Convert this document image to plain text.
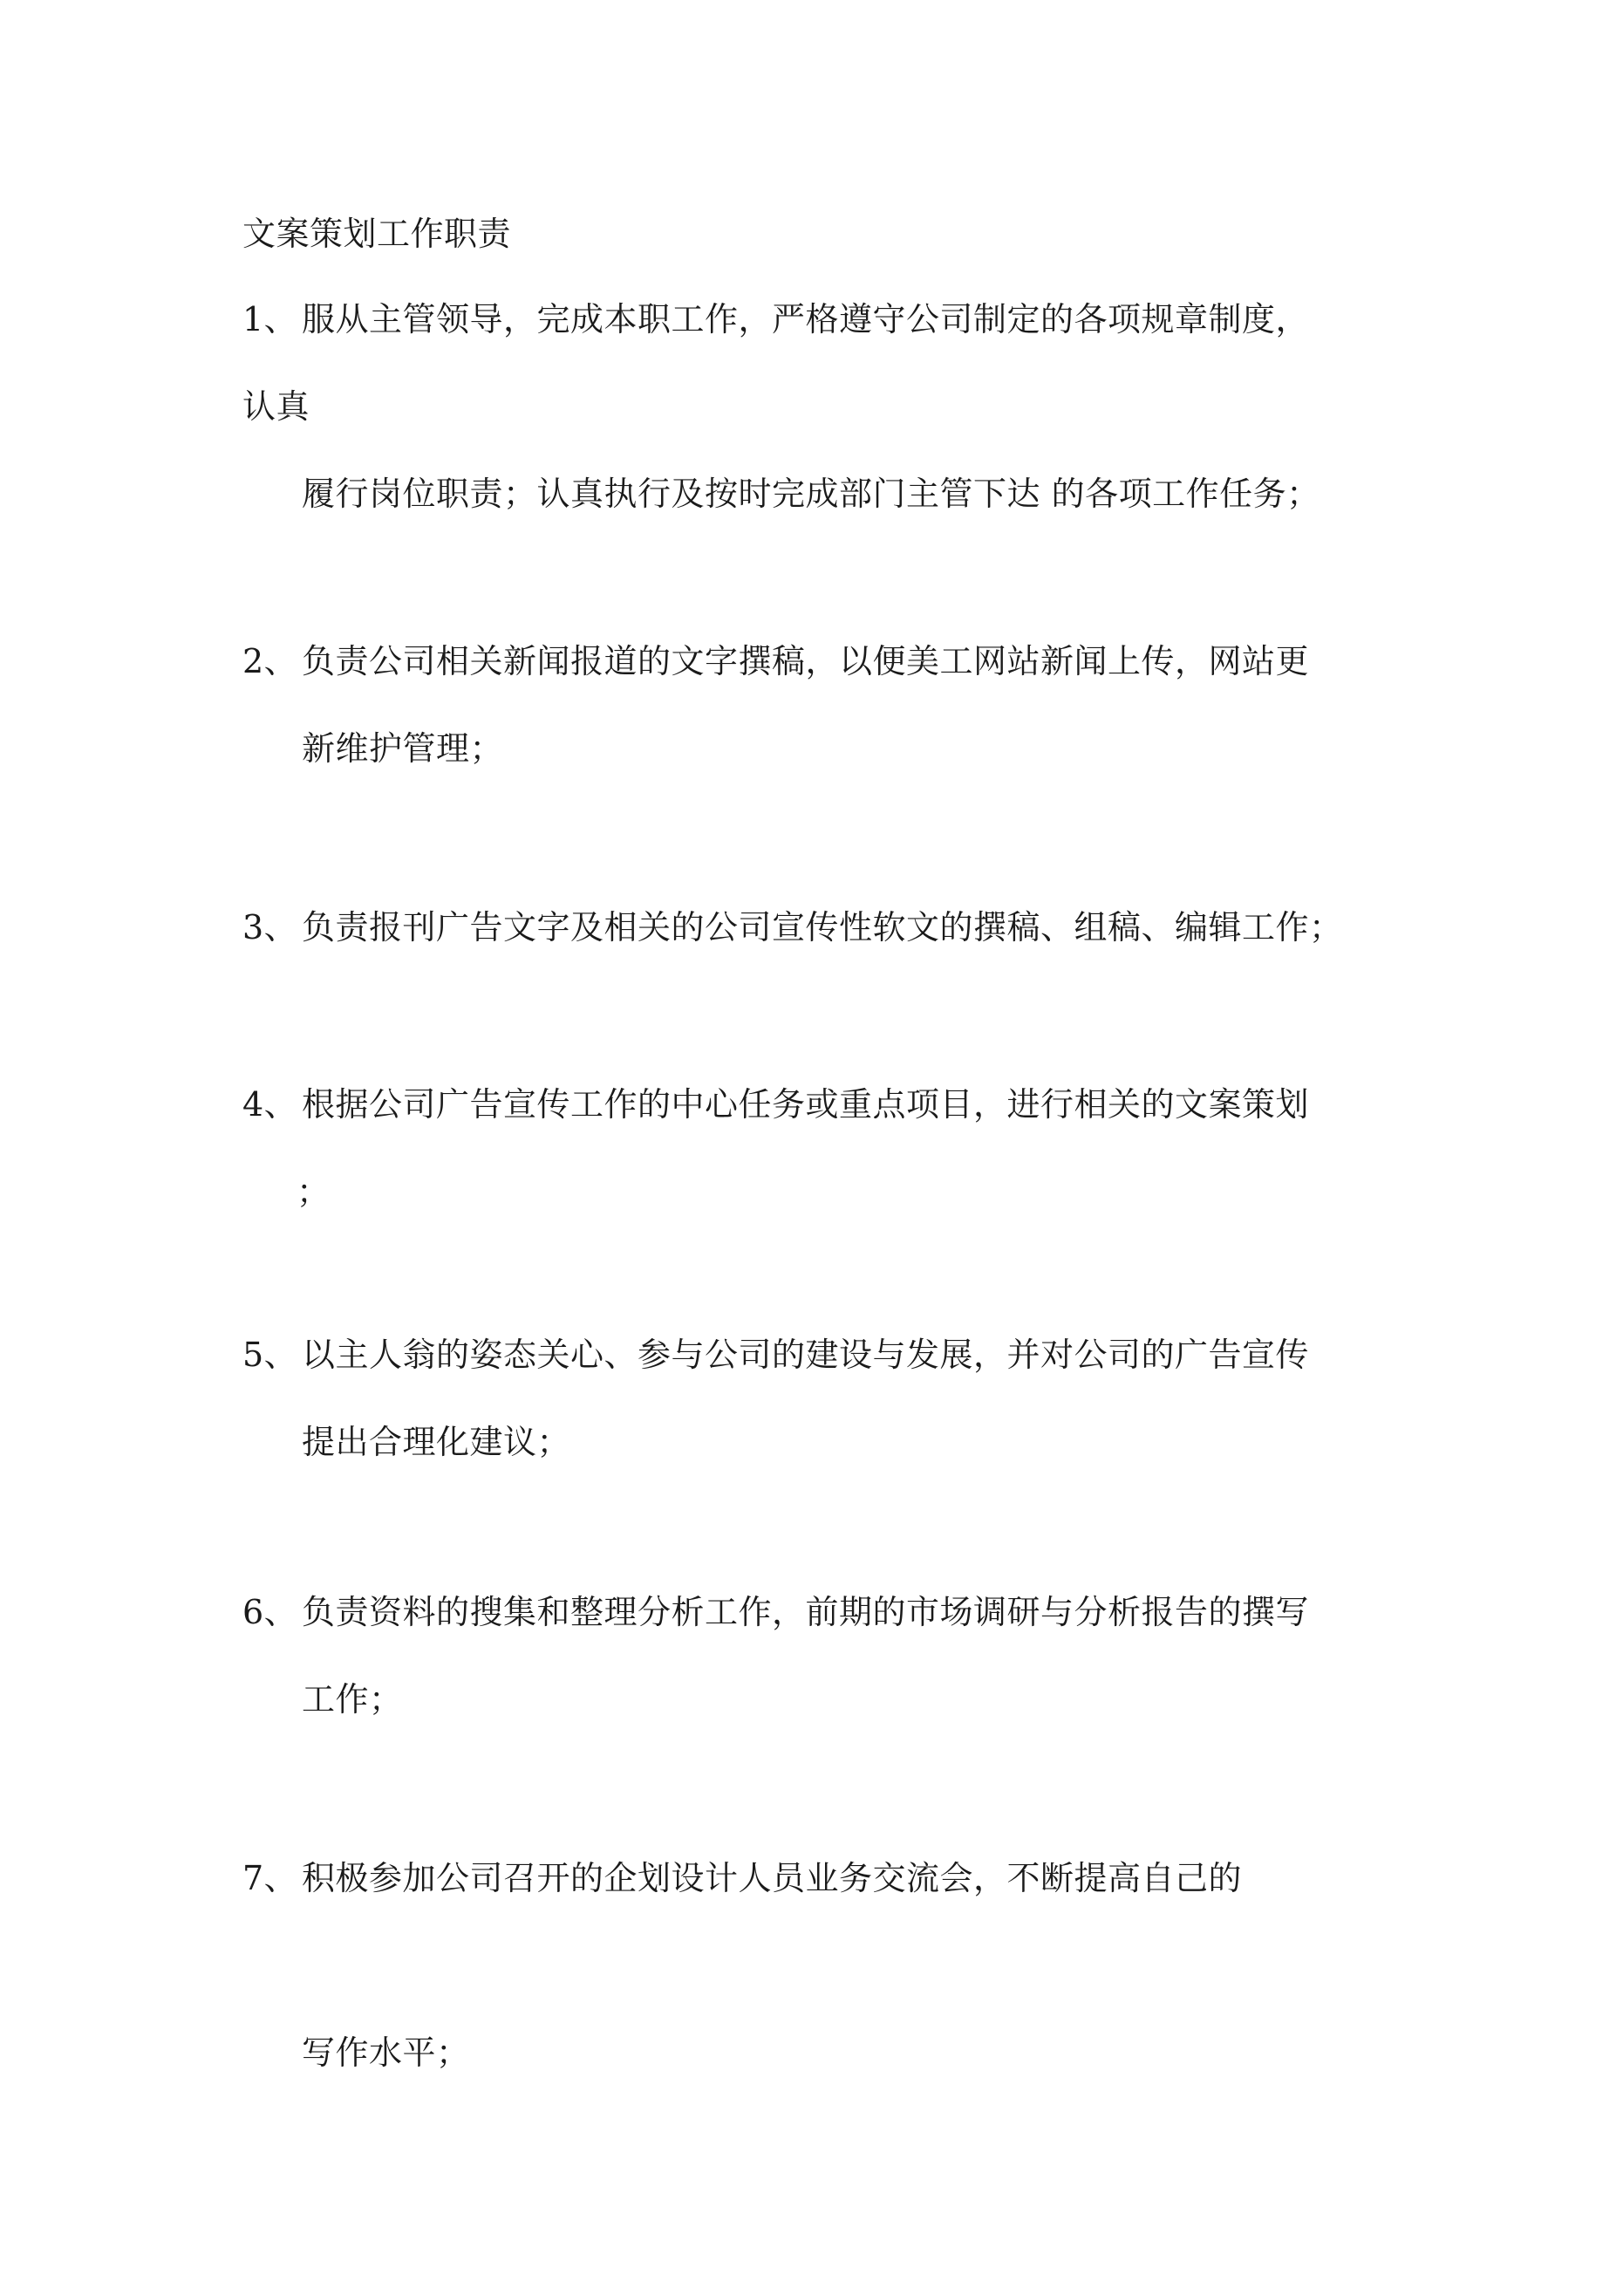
文案策划工作职责
1、 服从主管领导，完成本职工作，严格遵守公司制定的各项规章制度，
认真
履行岗位职责；认真执行及按时完成部门主管下达 的各项工作任务；
2、 负责公司相关新闻报道的文字撰稿，以便美工网站新闻上传，网站更
新维护管理；
3、 负责报刊广告文字及相关的公司宣传性软文的撰稿、组稿、编辑工作；
4、 根据公司广告宣传工作的中心任务或重点项目，进行相关的文案策划
；
5、 以主人翁的姿态关心、参与公司的建设与发展，并对公司的广告宣传
提出合理化建议；
6、 负责资料的搜集和整理分析工作，前期的市场调研与分析报告的撰写
工作；
7、 积极参加公司召开的企划设计人员业务交流会，不断提高自己的
写作水平；
